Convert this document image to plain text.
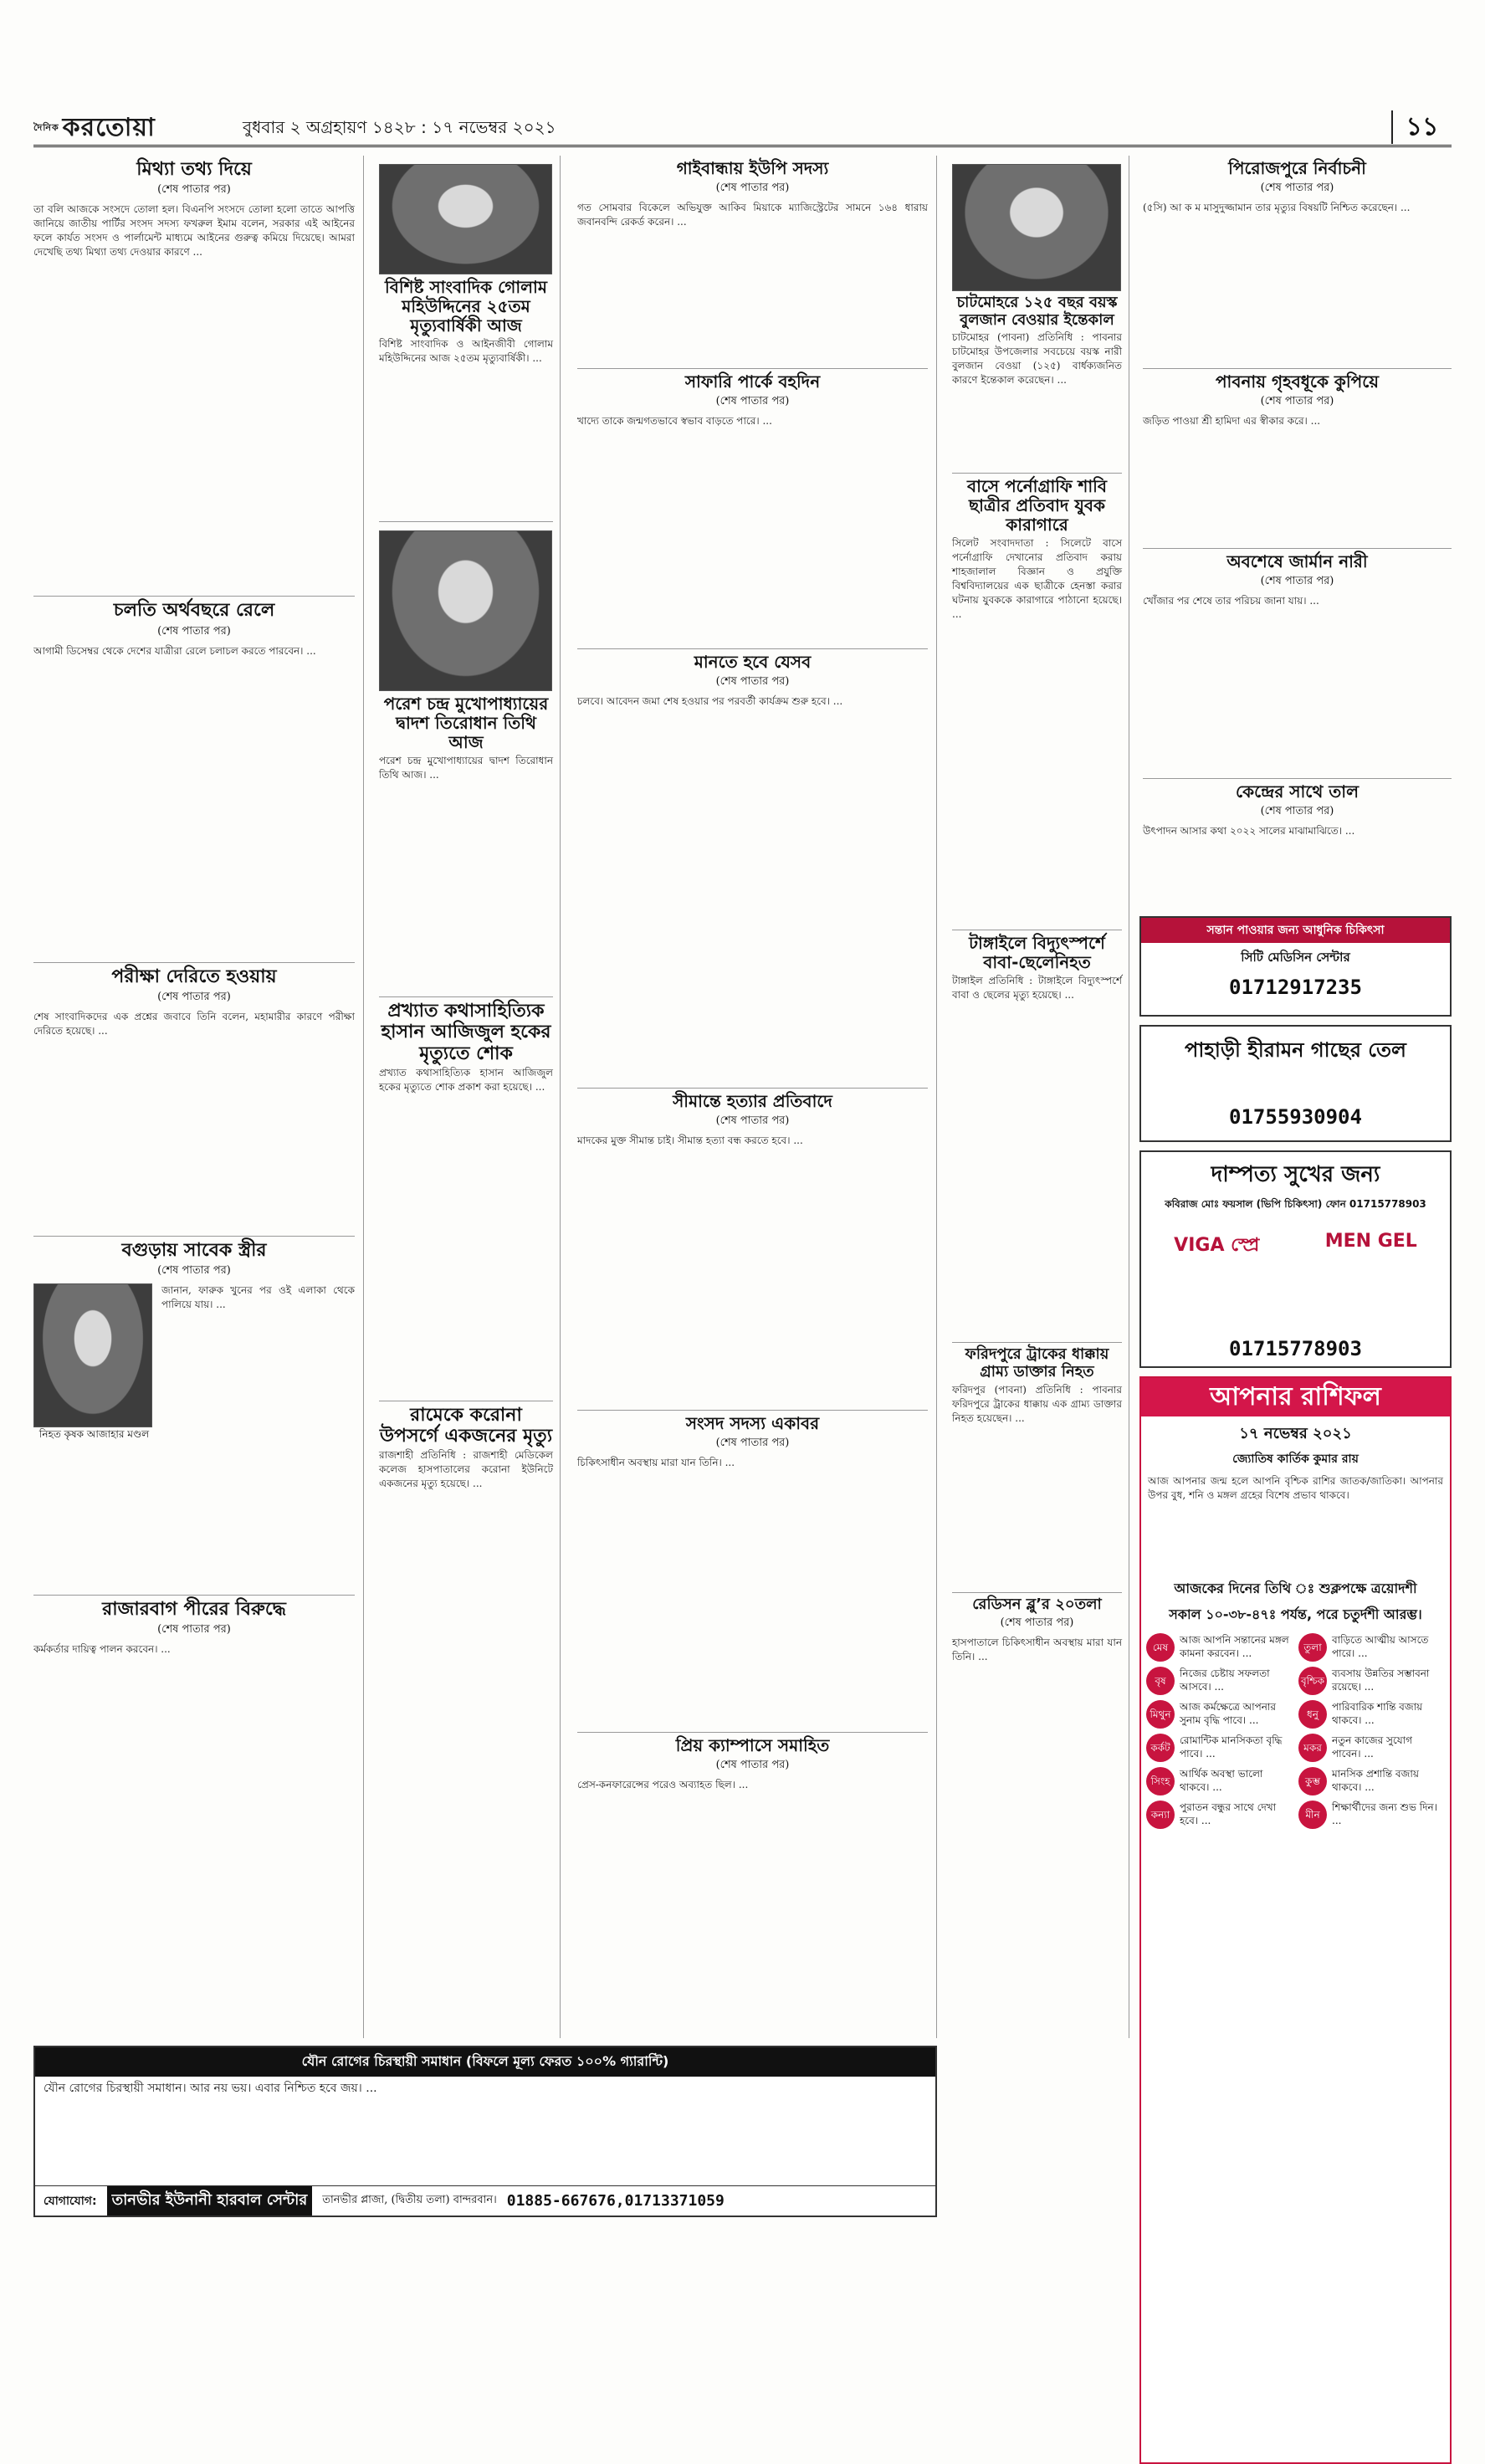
$^{দৈনিক}$ করতোয়া	বুধবার ২ অগ্রহায়ণ ১৪২৮ : ১৭ নভেম্বর ২০২১	১১
মিথ্যা তথ্য দিয়ে
(শেষ পাতার পর)

তা বলি আজকে সংসদে তোলা হল। বিএনপি সংসদে তোলা হলো তাতে আপত্তি জানিয়ে জাতীয় পার্টির সংসদ সদস্য ফখরুল ইমাম বলেন, সরকার এই আইনের ফলে কার্যত সংসদ ও পার্লামেন্ট মাধ্যমে আইনের গুরুত্ব কমিয়ে দিয়েছে। আমরা দেখেছি তথ্য মিথ্যা তথ্য দেওয়ার কারণে ...

চলতি অর্থবছরে রেলে
(শেষ পাতার পর)

আগামী ডিসেম্বর থেকে দেশের যাত্রীরা রেলে চলাচল করতে পারবেন। ...

পরীক্ষা দেরিতে হওয়ায়
(শেষ পাতার পর)

শেষ সাংবাদিকদের এক প্রশ্নের জবাবে তিনি বলেন, মহামারীর কারণে পরীক্ষা দেরিতে হয়েছে। ...

বগুড়ায় সাবেক স্ত্রীর
(শেষ পাতার পর)
নিহত কৃষক আজাহার মণ্ডল

জানান, ফারুক খুনের পর ওই এলাকা থেকে পালিয়ে যায়। ...

রাজারবাগ পীরের বিরুদ্ধে
(শেষ পাতার পর)

কর্মকর্তার দায়িত্ব পালন করবেন। ...

বিশিষ্ট সাংবাদিক গোলাম মহিউদ্দিনের ২৫তম মৃত্যুবার্ষিকী আজ

বিশিষ্ট সাংবাদিক ও আইনজীবী গোলাম মহিউদ্দিনের আজ ২৫তম মৃত্যুবার্ষিকী। ...

পরেশ চন্দ্র মুখোপাধ্যায়ের দ্বাদশ তিরোধান তিথি আজ

পরেশ চন্দ্র মুখোপাধ্যায়ের দ্বাদশ তিরোধান তিথি আজ। ...

প্রখ্যাত কথাসাহিত্যিক হাসান আজিজুল হকের মৃত্যুতে শোক

প্রখ্যাত কথাসাহিত্যিক হাসান আজিজুল হকের মৃত্যুতে শোক প্রকাশ করা হয়েছে। ...

রামেকে করোনা উপসর্গে একজনের মৃত্যু

রাজশাহী প্রতিনিধি : রাজশাহী মেডিকেল কলেজ হাসপাতালের করোনা ইউনিটে একজনের মৃত্যু হয়েছে। ...

গাইবান্ধায় ইউপি সদস্য
(শেষ পাতার পর)

গত সোমবার বিকেলে অভিযুক্ত আকিব মিয়াকে ম্যাজিস্ট্রেটের সামনে ১৬৪ ধারায় জবানবন্দি রেকর্ড করেন। ...

সাফারি পার্কে বহদিন
(শেষ পাতার পর)

খাদ্যে তাকে জন্মগতভাবে স্বভাব বাড়তে পারে। ...

মানতে হবে যেসব
(শেষ পাতার পর)

চলবে। আবেদন জমা শেষ হওয়ার পর পরবর্তী কার্যক্রম শুরু হবে। ...

সীমান্তে হত্যার প্রতিবাদে
(শেষ পাতার পর)

মাদকের মুক্ত সীমান্ত চাই। সীমান্ত হত্যা বন্ধ করতে হবে। ...

সংসদ সদস্য একাবর
(শেষ পাতার পর)

চিকিৎসাধীন অবস্থায় মারা যান তিনি। ...

প্রিয় ক্যাম্পাসে সমাহিত
(শেষ পাতার পর)

প্রেস-কনফারেন্সের পরেও অব্যাহত ছিল। ...

চাটমোহরে ১২৫ বছর বয়স্ক বুলজান বেওয়ার ইন্তেকাল

চাটমোহর (পাবনা) প্রতিনিধি : পাবনার চাটমোহর উপজেলার সবচেয়ে বয়স্ক নারী বুলজান বেওয়া (১২৫) বার্ধক্যজনিত কারণে ইন্তেকাল করেছেন। ...

বাসে পর্নোগ্রাফি শাবি ছাত্রীর প্রতিবাদ যুবক কারাগারে

সিলেট সংবাদদাতা : সিলেটে বাসে পর্নোগ্রাফি দেখানোর প্রতিবাদ করায় শাহজালাল বিজ্ঞান ও প্রযুক্তি বিশ্ববিদ্যালয়ের এক ছাত্রীকে হেনস্তা করার ঘটনায় যুবককে কারাগারে পাঠানো হয়েছে। ...

টাঙ্গাইলে বিদ্যুৎস্পর্শে বাবা-ছেলেনিহত

টাঙ্গাইল প্রতিনিধি : টাঙ্গাইলে বিদ্যুৎস্পর্শে বাবা ও ছেলের মৃত্যু হয়েছে। ...

ফরিদপুরে ট্রাকের ধাক্কায় গ্রাম্য ডাক্তার নিহত

ফরিদপুর (পাবনা) প্রতিনিধি : পাবনার ফরিদপুরে ট্রাকের ধাক্কায় এক গ্রাম্য ডাক্তার নিহত হয়েছেন। ...

রেডিসন ব্লু’র ২০তলা
(শেষ পাতার পর)

হাসপাতালে চিকিৎসাধীন অবস্থায় মারা যান তিনি। ...

পিরোজপুরে নির্বাচনী
(শেষ পাতার পর)

(৫সি) আ ক ম মাসুদুজ্জামান তার মৃত্যুর বিষয়টি নিশ্চিত করেছেন। ...

পাবনায় গৃহবধূকে কুপিয়ে
(শেষ পাতার পর)

জড়িত পাওয়া শ্রী হামিদা এর স্বীকার করে। ...

অবশেষে জার্মান নারী
(শেষ পাতার পর)

খোঁজার পর শেষে তার পরিচয় জানা যায়। ...

কেন্দ্রের সাথে তাল
(শেষ পাতার পর)

উৎপাদন আসার কথা ২০২২ সালের মাঝামাঝিতে। ...

সন্তান পাওয়ার জন্য আধুনিক চিকিৎসা
সিটি মেডিসিন সেন্টার
01712917235
পাহাড়ী হীরামন গাছের তেল
01755930904
দাম্পত্য সুখের জন্য
কবিরাজ মোঃ ফয়সাল (ভিপি চিকিৎসা) ফোন 01715778903
VIGA স্প্রে	MEN GEL
01715778903
আপনার রাশিফল
১৭ নভেম্বর ২০২১
জ্যোতিষ কার্তিক কুমার রায়

আজ আপনার জন্ম হলে আপনি বৃশ্চিক রাশির জাতক/জাতিকা। আপনার উপর বুধ, শনি ও মঙ্গল গ্রহের বিশেষ প্রভাব থাকবে।

আজকের দিনের তিথি ঃ শুক্লপক্ষে ত্রয়োদশী
সকাল ১০-৩৮-৪৭ঃ পর্যন্ত, পরে চতুর্দশী আরম্ভ।
মেষ
আজ আপনি সন্তানের মঙ্গল কামনা করবেন। ...
বৃষ
নিজের চেষ্টায় সফলতা আসবে। ...
মিথুন
আজ কর্মক্ষেত্রে আপনার সুনাম বৃদ্ধি পাবে। ...
কর্কট
রোমান্টিক মানসিকতা বৃদ্ধি পাবে। ...
সিংহ
আর্থিক অবস্থা ভালো থাকবে। ...
কন্যা
পুরাতন বন্ধুর সাথে দেখা হবে। ...
তুলা
বাড়িতে আত্মীয় আসতে পারে। ...
বৃশ্চিক
ব্যবসায় উন্নতির সম্ভাবনা রয়েছে। ...
ধনু
পারিবারিক শান্তি বজায় থাকবে। ...
মকর
নতুন কাজের সুযোগ পাবেন। ...
কুম্ভ
মানসিক প্রশান্তি বজায় থাকবে। ...
মীন
শিক্ষার্থীদের জন্য শুভ দিন। ...
যৌন রোগের চিরস্থায়ী সমাধান (বিফলে মূল্য ফেরত ১০০% গ্যারান্টি)

যৌন রোগের চিরস্থায়ী সমাধান। আর নয় ভয়। এবার নিশ্চিত হবে জয়। ...

যোগাযোগ:	তানভীর ইউনানী হারবাল সেন্টার	তানভীর প্লাজা, (দ্বিতীয় তলা) বান্দরবান। 01885-667676,01713371059
